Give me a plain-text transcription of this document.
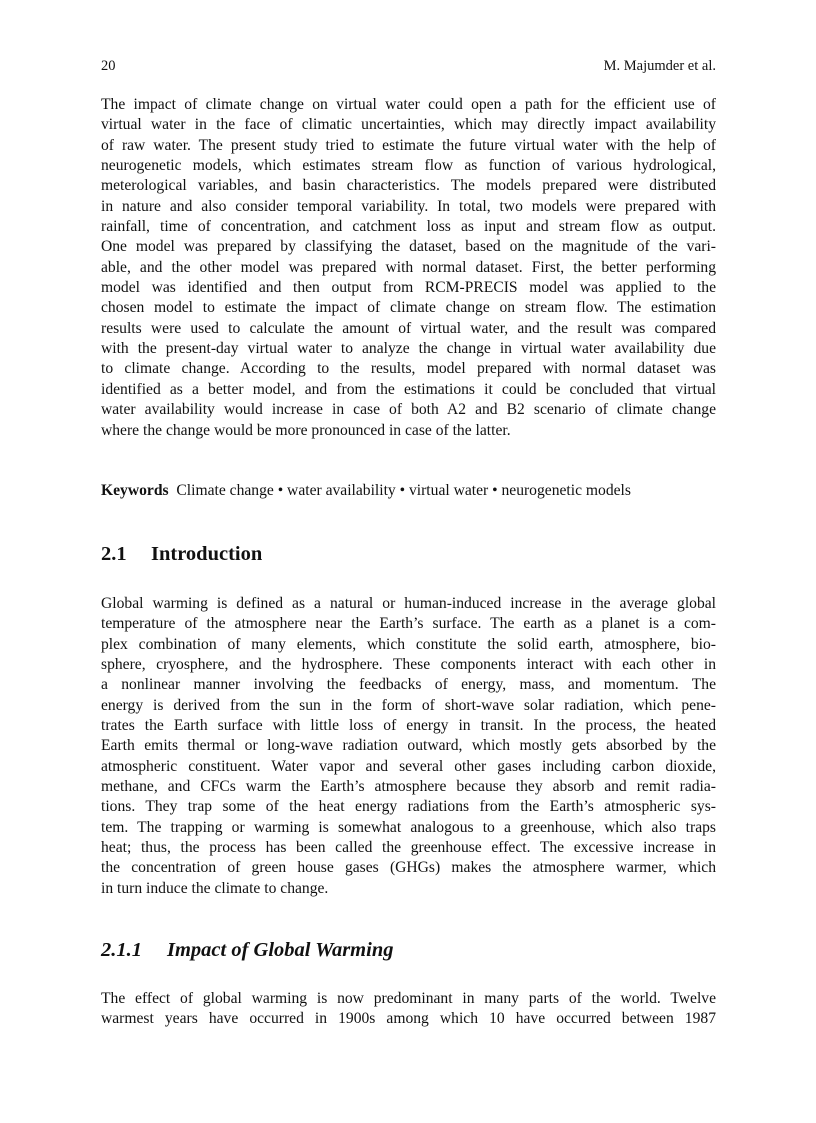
20	M. Majumder et al.
The impact of climate change on virtual water could open a path for the efficient use of
virtual water in the face of climatic uncertainties, which may directly impact availability
of raw water. The present study tried to estimate the future virtual water with the help of
neurogenetic models, which estimates stream flow as function of various hydrological,
meterological variables, and basin characteristics. The models prepared were distributed
in nature and also consider temporal variability. In total, two models were prepared with
rainfall, time of concentration, and catchment loss as input and stream flow as output.
One model was prepared by classifying the dataset, based on the magnitude of the vari-
able, and the other model was prepared with normal dataset. First, the better performing
model was identified and then output from RCM-PRECIS model was applied to the
chosen model to estimate the impact of climate change on stream flow. The estimation
results were used to calculate the amount of virtual water, and the result was compared
with the present-day virtual water to analyze the change in virtual water availability due
to climate change. According to the results, model prepared with normal dataset was
identified as a better model, and from the estimations it could be concluded that virtual
water availability would increase in case of both A2 and B2 scenario of climate change
where the change would be more pronounced in case of the latter.
Keywords Climate change • water availability • virtual water • neurogenetic models
2.1 Introduction
Global warming is defined as a natural or human-induced increase in the average global
temperature of the atmosphere near the Earth’s surface. The earth as a planet is a com-
plex combination of many elements, which constitute the solid earth, atmosphere, bio-
sphere, cryosphere, and the hydrosphere. These components interact with each other in
a nonlinear manner involving the feedbacks of energy, mass, and momentum. The
energy is derived from the sun in the form of short-wave solar radiation, which pene-
trates the Earth surface with little loss of energy in transit. In the process, the heated
Earth emits thermal or long-wave radiation outward, which mostly gets absorbed by the
atmospheric constituent. Water vapor and several other gases including carbon dioxide,
methane, and CFCs warm the Earth’s atmosphere because they absorb and remit radia-
tions. They trap some of the heat energy radiations from the Earth’s atmospheric sys-
tem. The trapping or warming is somewhat analogous to a greenhouse, which also traps
heat; thus, the process has been called the greenhouse effect. The excessive increase in
the concentration of green house gases (GHGs) makes the atmosphere warmer, which
in turn induce the climate to change.
2.1.1 Impact of Global Warming
The effect of global warming is now predominant in many parts of the world. Twelve
warmest years have occurred in 1900s among which 10 have occurred between 1987
